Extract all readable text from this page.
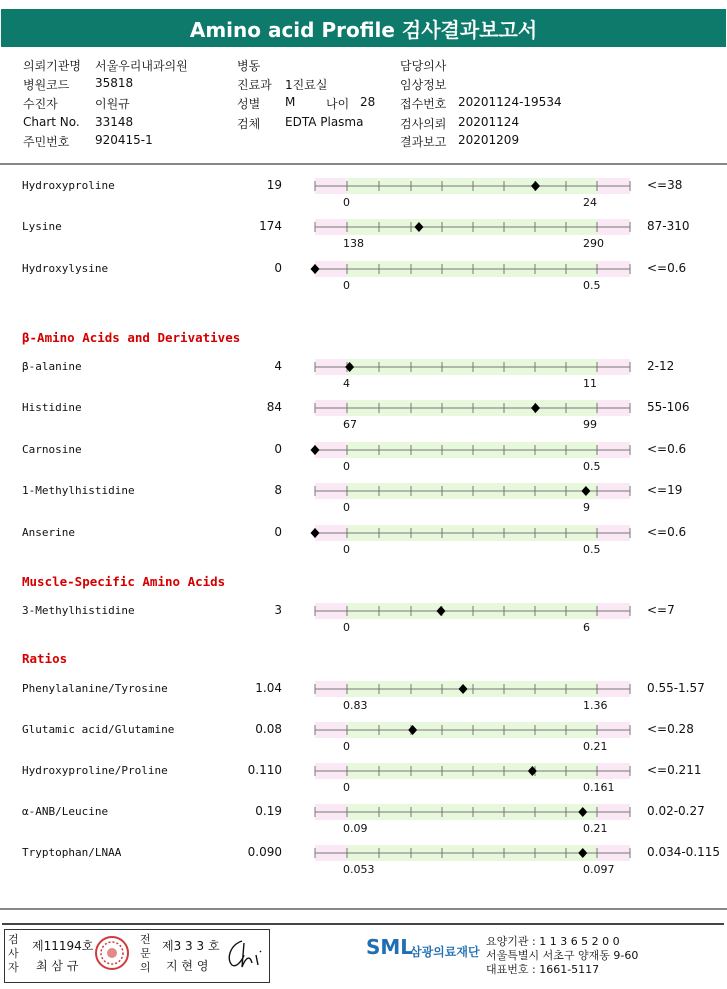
Amino acid Profile 검사결과보고서
의뢰기관명 서울우리내과의원
병원코드 35818
수진자	이원규
Chart No. 33148
주민번호 920415-1
병동
진료과 1진료실
성별 M
검체 EDTA Plasma
나이 28
담당의사
임상정보
접수번호 20201124-19534
검사의뢰 20201124
결과보고 20201209
Hydroxyproline	19	<=38
0	24
Lysine	174	87-310
138	290
Hydroxylysine	0	<=0.6
0	0.5
β-Amino Acids and Derivatives
β-alanine	4	2-12
4	11
Histidine	84	55-106
67	99
Carnosine	0	<=0.6
0	0.5
1-Methylhistidine	8	<=19
0	9
Anserine	0	<=0.6
0	0.5
Muscle-Specific Amino Acids
3-Methylhistidine	3	<=7
0	6
Ratios
Phenylalanine/Tyrosine	1.04	0.55-1.57
0.83	1.36
Glutamic acid/Glutamine	0.08	<=0.28
0	0.21
Hydroxyproline/Proline	0.110	<=0.211
0	0.161
α-ANB/Leucine	0.19	0.02-0.27
0.09	0.21
Tryptophan/LNAA	0.090	0.034-0.115
0.053	0.097
검사자
제11194호
최 삼 규
전문의
제3 3 3 호
지 현 영
SML
삼광의료재단
요양기관 : 1 1 3 6 5 2 0 0
서울특별시 서초구 양재동 9-60
대표번호 : 1661-5117
